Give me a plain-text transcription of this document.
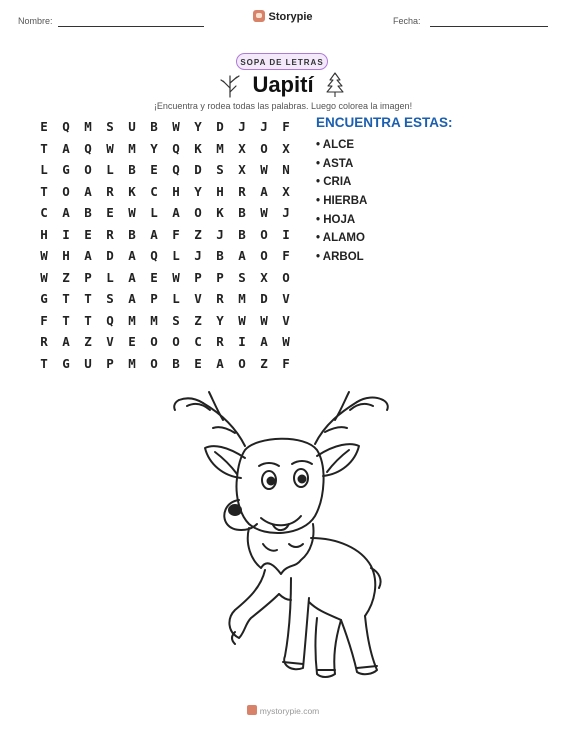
Nombre:	Storypie	Fecha:
SOPA DE LETRAS
Uapití
¡Encuentra y rodea todas las palabras. Luego colorea la imagen!
E	Q	M	S	U	B	W	Y	D	J	J	F
T	A	Q	W	M	Y	Q	K	M	X	O	X
L	G	O	L	B	E	Q	D	S	X	W	N
T	O	A	R	K	C	H	Y	H	R	A	X
C	A	B	E	W	L	A	O	K	B	W	J
H	I	E	R	B	A	F	Z	J	B	O	I
W	H	A	D	A	Q	L	J	B	A	O	F
W	Z	P	L	A	E	W	P	P	S	X	O
G	T	T	S	A	P	L	V	R	M	D	V
F	T	T	Q	M	M	S	Z	Y	W	W	V
R	A	Z	V	E	O	O	C	R	I	A	W
T	G	U	P	M	O	B	E	A	O	Z	F
ENCUENTRA ESTAS:
• ALCE
• ASTA
• CRIA
• HIERBA
• HOJA
• ALAMO
• ARBOL
mystorypie.com
